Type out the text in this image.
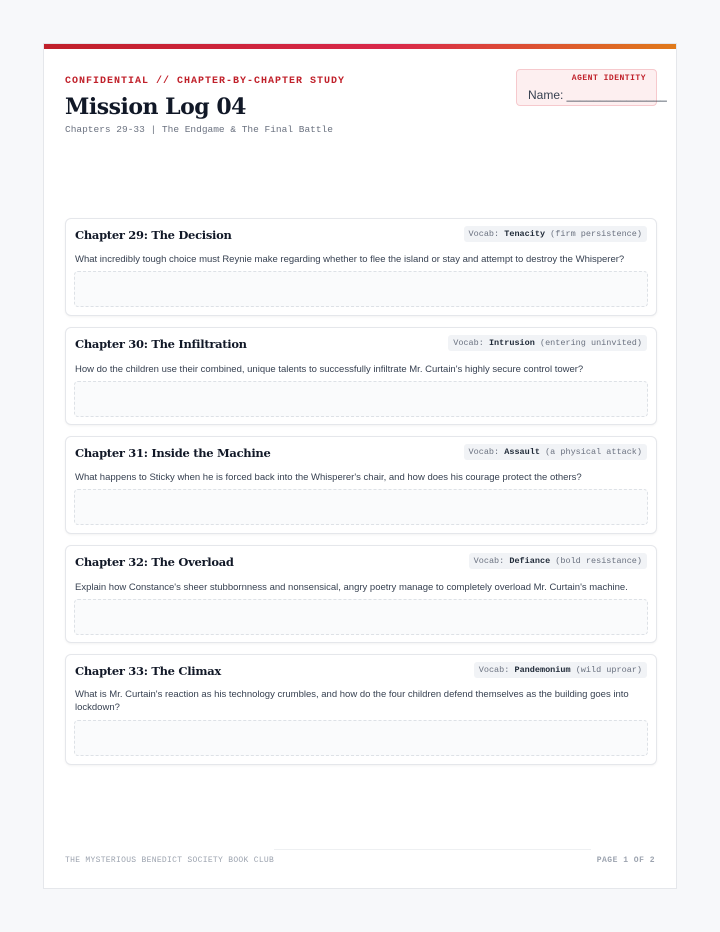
CONFIDENTIAL // CHAPTER-BY-CHAPTER STUDY
Mission Log 04
Chapters 29-33 | The Endgame & The Final Battle
AGENT IDENTITY
Name: _______________
Chapter 29: The Decision	Vocab: Tenacity (firm persistence)
What incredibly tough choice must Reynie make regarding whether to flee the island or stay and attempt to destroy the Whisperer?
Chapter 30: The Infiltration	Vocab: Intrusion (entering uninvited)
How do the children use their combined, unique talents to successfully infiltrate Mr. Curtain's highly secure control tower?
Chapter 31: Inside the Machine	Vocab: Assault (a physical attack)
What happens to Sticky when he is forced back into the Whisperer's chair, and how does his courage protect the others?
Chapter 32: The Overload	Vocab: Defiance (bold resistance)
Explain how Constance's sheer stubbornness and nonsensical, angry poetry manage to completely overload Mr. Curtain's machine.
Chapter 33: The Climax	Vocab: Pandemonium (wild uproar)
What is Mr. Curtain's reaction as his technology crumbles, and how do the four children defend themselves as the building goes into lockdown?
THE MYSTERIOUS BENEDICT SOCIETY BOOK CLUB	PAGE 1 OF 2
